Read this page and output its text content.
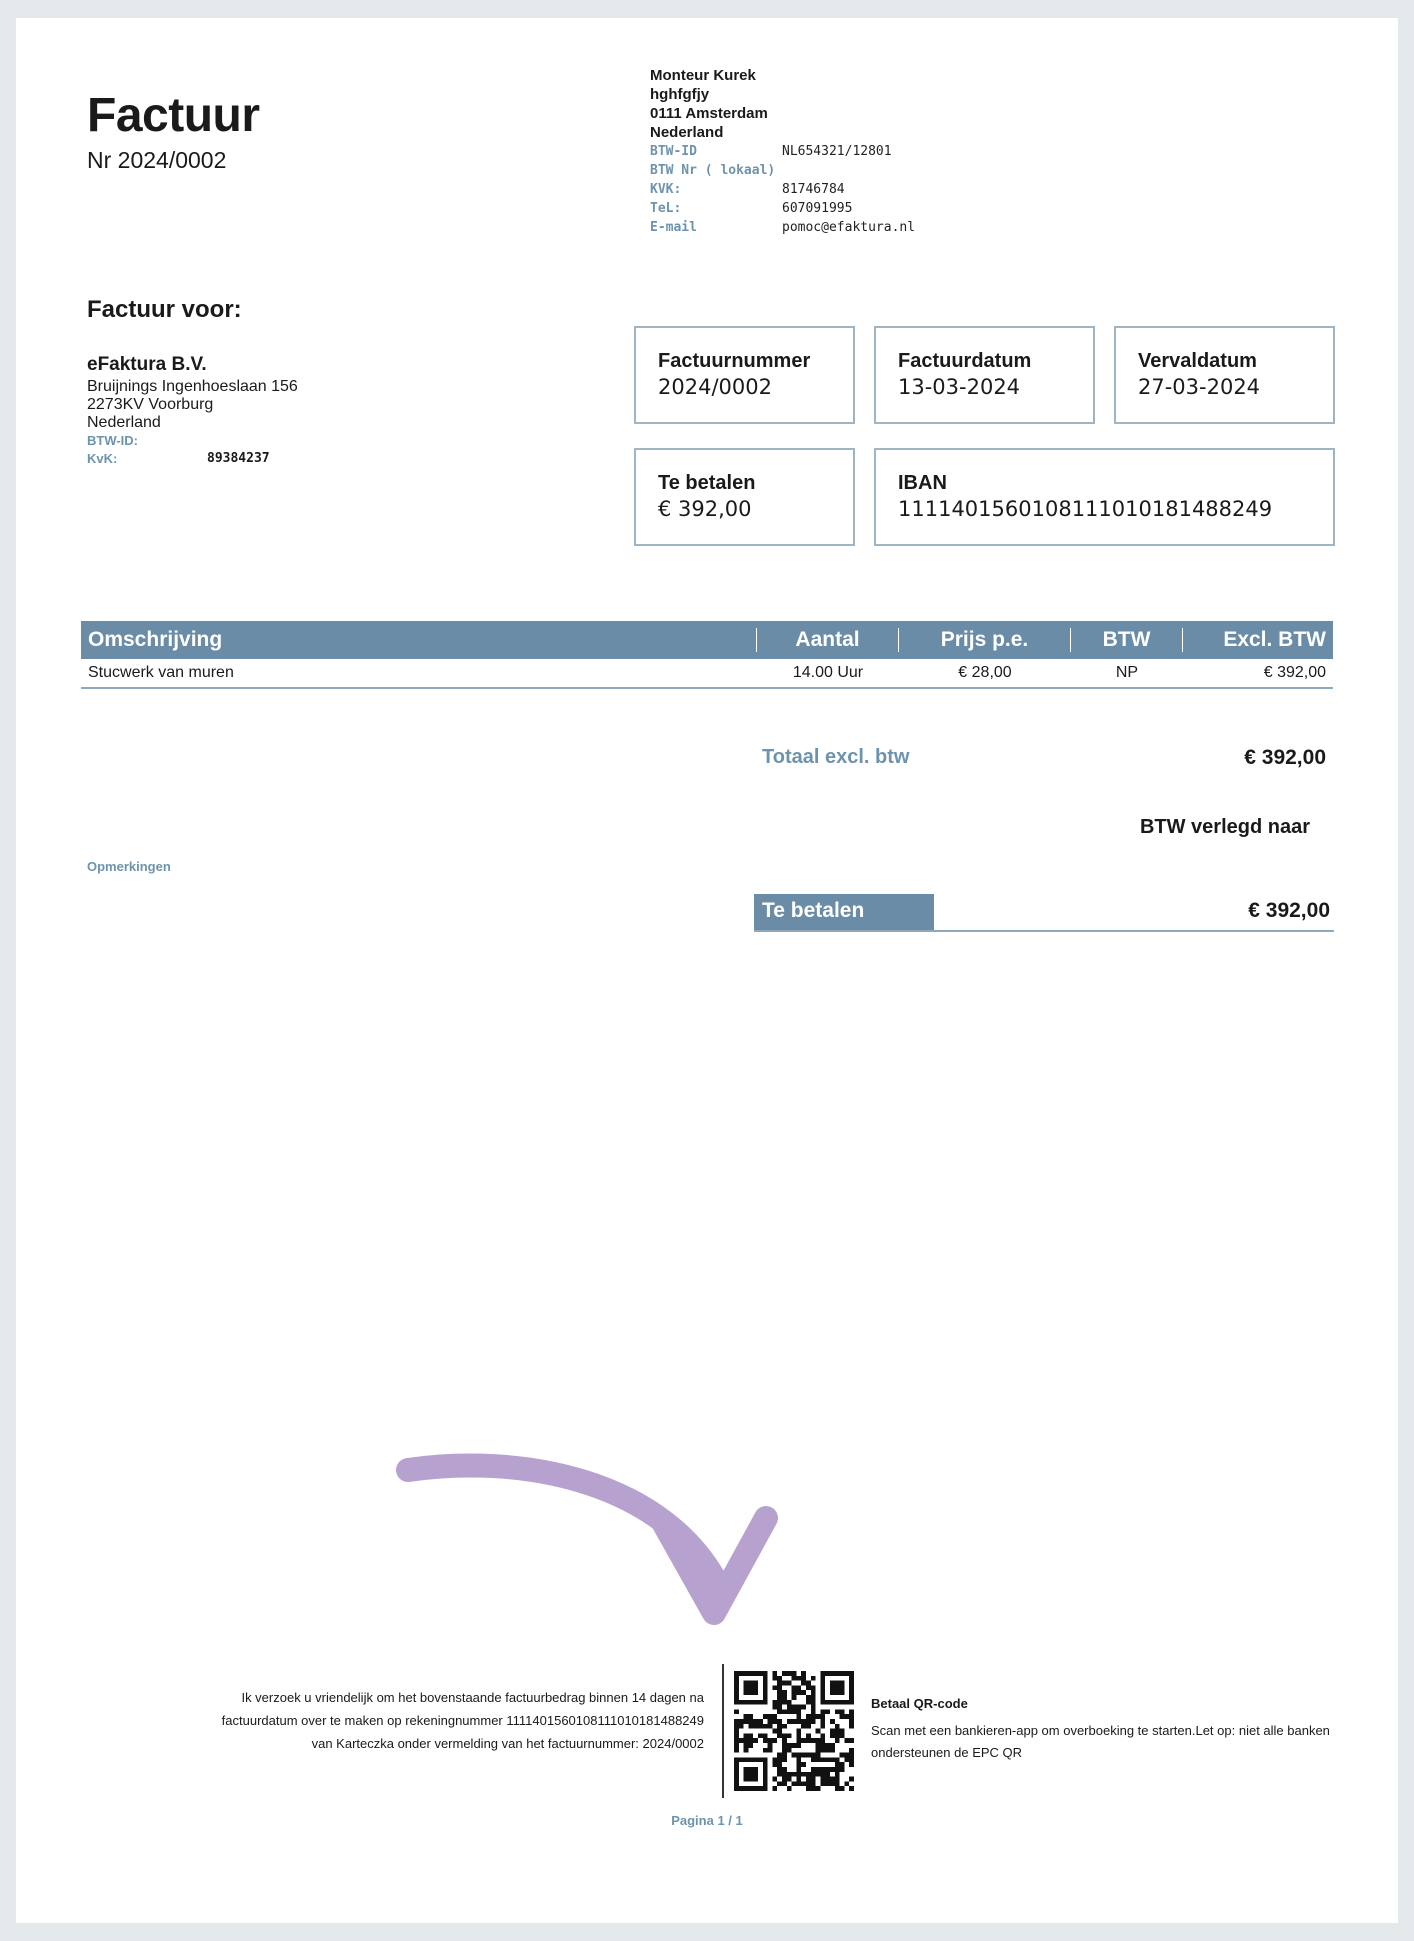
Factuur
Nr 2024/0002
Monteur Kurek
hghfgfjy
0111 Amsterdam
Nederland
BTW-ID	NL654321/12801
BTW Nr ( lokaal)
KVK:	81746784
TeL:	607091995
E-mail	pomoc@efaktura.nl
Factuur voor:
eFaktura B.V.
Bruijnings Ingenhoeslaan 156
2273KV Voorburg
Nederland
BTW-ID:
KvK:	89384237
Factuurnummer
2024/0002
Factuurdatum
13-03-2024
Vervaldatum
27-03-2024
Te betalen
€ 392,00
IBAN
1111401560108111010181488249
Omschrijving	Aantal	Prijs p.e.	BTW	Excl. BTW
Stucwerk van muren	14.00 Uur	€ 28,00	NP	€ 392,00
Totaal excl. btw	€ 392,00
BTW verlegd naar
Opmerkingen
Te betalen	€ 392,00
Ik verzoek u vriendelijk om het bovenstaande factuurbedrag binnen 14 dagen na
factuurdatum over te maken op rekeningnummer 1111401560108111010181488249
van Karteczka onder vermelding van het factuurnummer: 2024/0002
Betaal QR-code
Scan met een bankieren-app om overboeking te starten.Let op: niet alle banken ondersteunen de EPC QR
Pagina 1 / 1
